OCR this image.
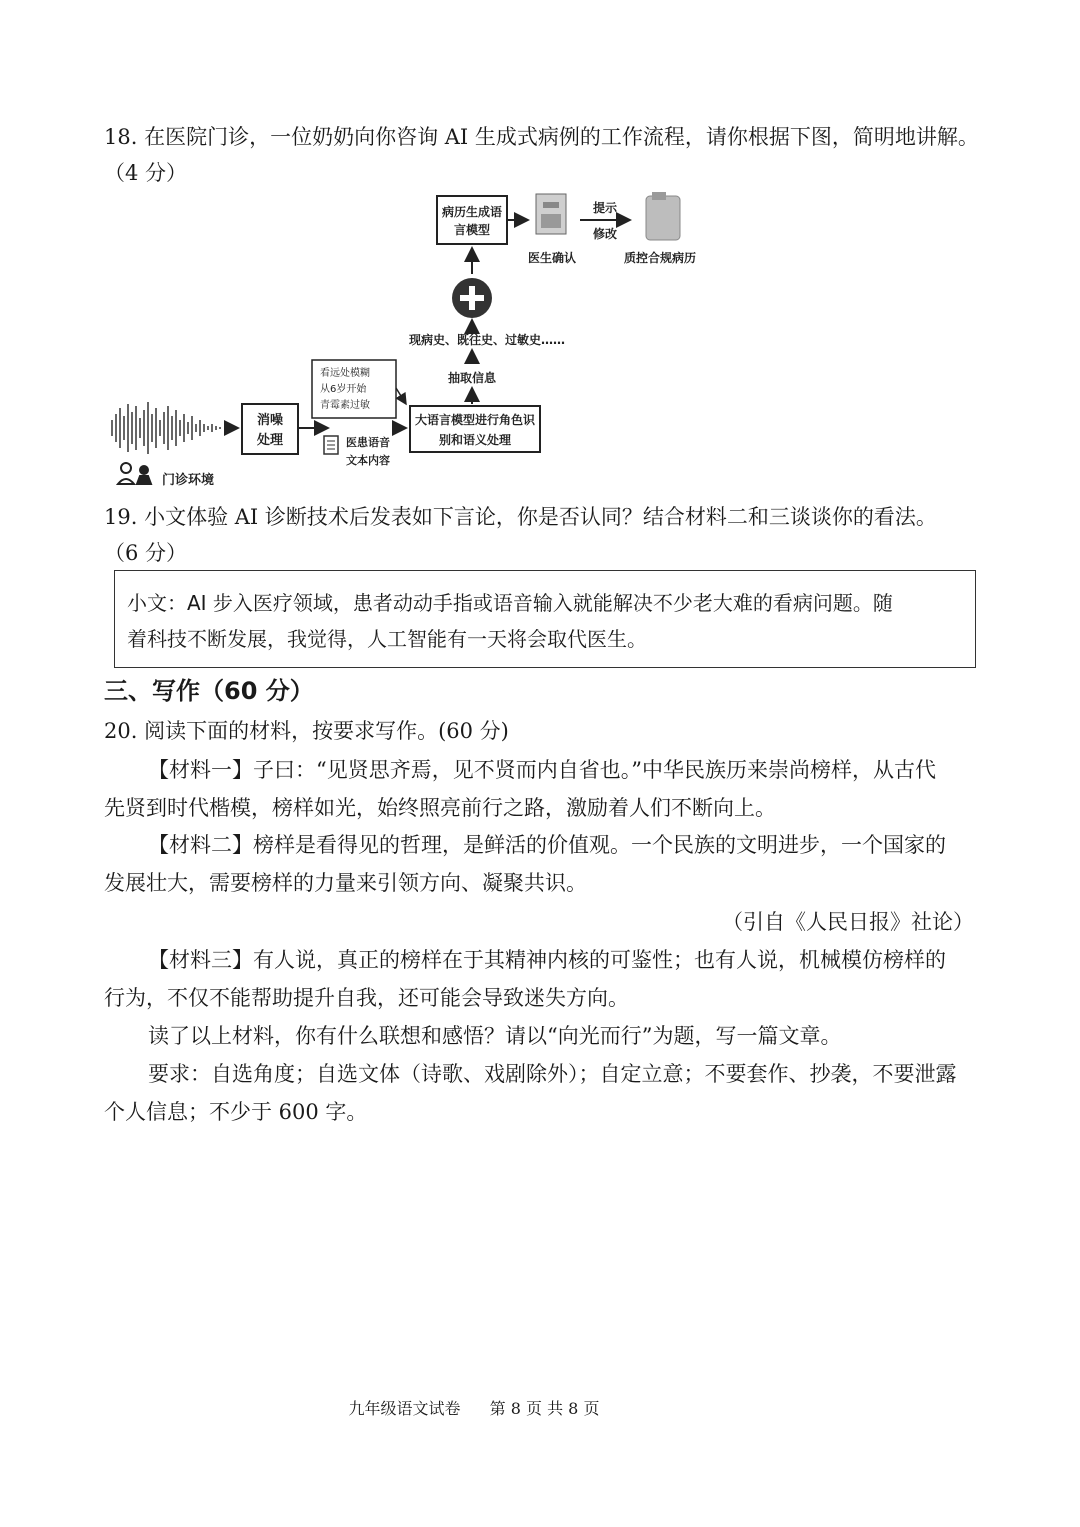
18. 在医院门诊，一位奶奶向你咨询 AI 生成式病例的工作流程，请你根据下图，简明地讲解。
（4 分）
病历生成语
言模型
医生确认
提示
修改
质控合规病历
现病史、既往史、过敏史……
抽取信息
消噪
处理
看远处模糊
从6岁开始
青霉素过敏
医患语音
文本内容
大语言模型进行角色识
别和语义处理
门诊环境
19. 小文体验 AI 诊断技术后发表如下言论，你是否认同？结合材料二和三谈谈你的看法。
（6 分）
小文：AI 步入医疗领域，患者动动手指或语音输入就能解决不少老大难的看病问题。随
着科技不断发展，我觉得，人工智能有一天将会取代医生。
三、写作（60 分）
20. 阅读下面的材料，按要求写作。(60 分)
【材料一】子曰：“见贤思齐焉，见不贤而内自省也。”中华民族历来崇尚榜样，从古代
先贤到时代楷模，榜样如光，始终照亮前行之路，激励着人们不断向上。
【材料二】榜样是看得见的哲理，是鲜活的价值观。一个民族的文明进步，一个国家的
发展壮大，需要榜样的力量来引领方向、凝聚共识。
（引自《人民日报》社论）
【材料三】有人说，真正的榜样在于其精神内核的可鉴性；也有人说，机械模仿榜样的
行为，不仅不能帮助提升自我，还可能会导致迷失方向。
读了以上材料，你有什么联想和感悟？请以“向光而行”为题，写一篇文章。
要求：自选角度；自选文体（诗歌、戏剧除外）；自定立意；不要套作、抄袭，不要泄露
个人信息；不少于 600 字。
九年级语文试卷 第 8 页 共 8 页
